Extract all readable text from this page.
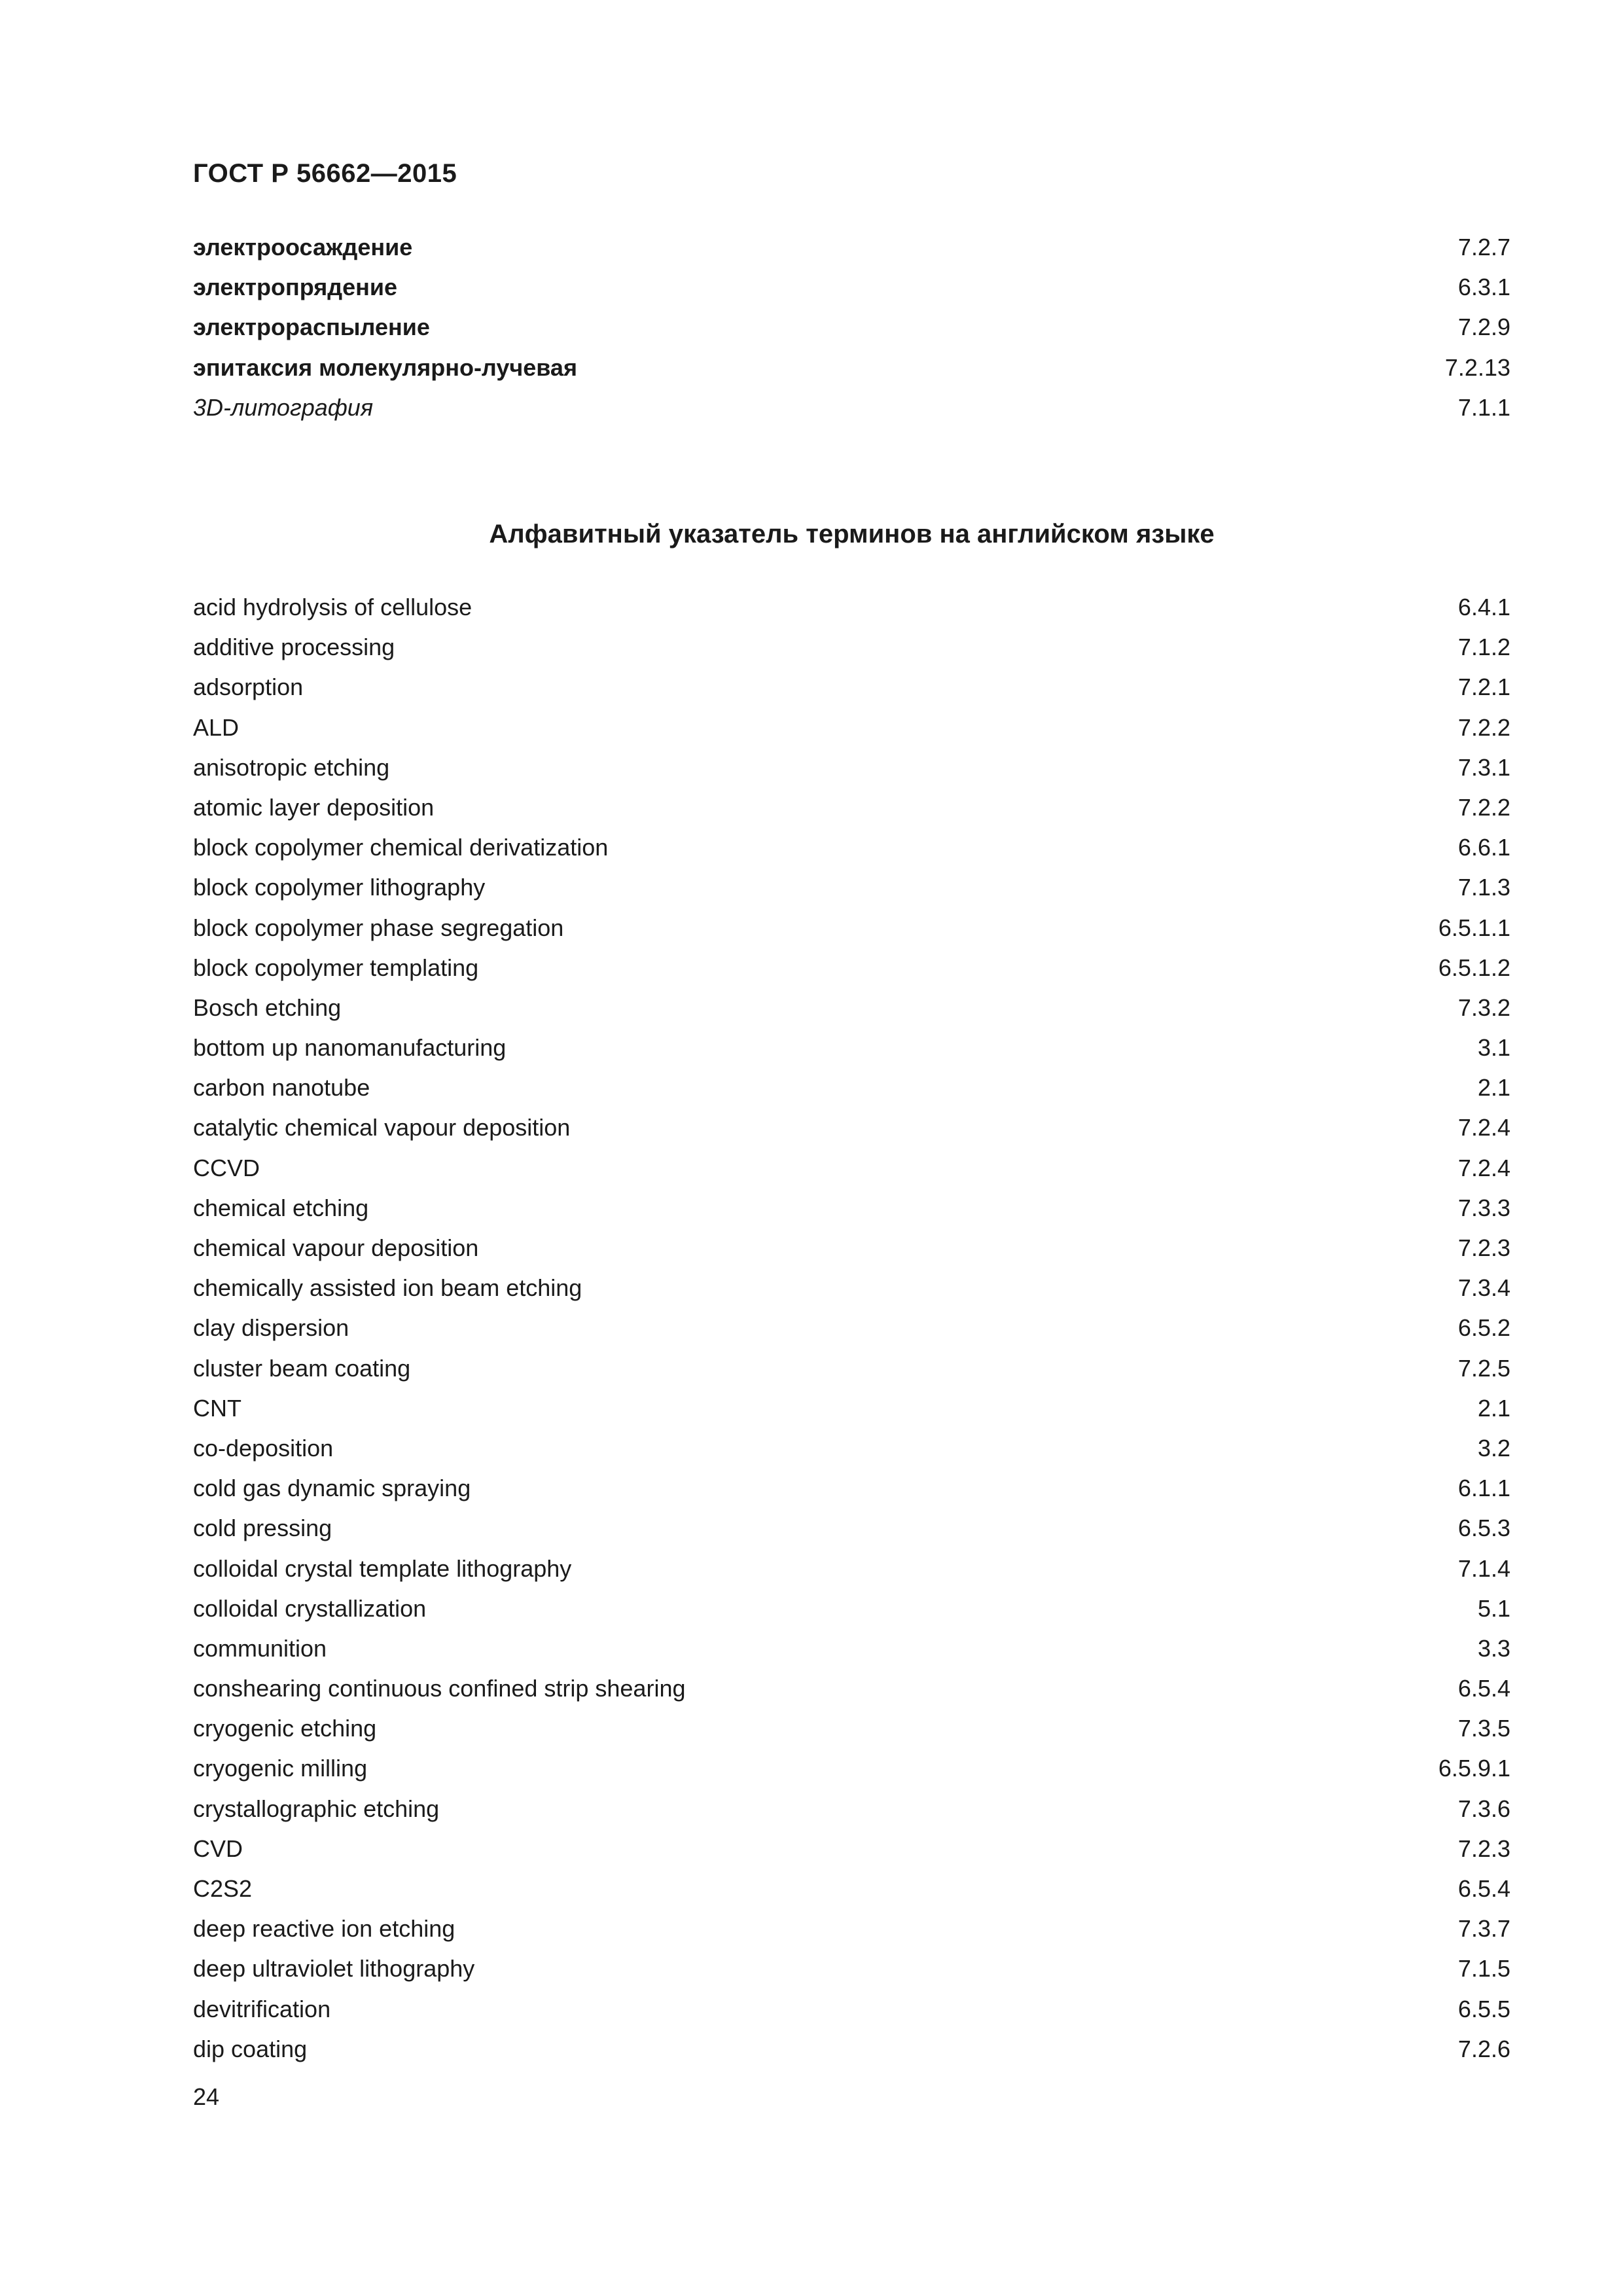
ГОСТ Р 56662—2015
электроосаждение	7.2.7
электропрядение	6.3.1
электрораспыление	7.2.9
эпитаксия молекулярно-лучевая	7.2.13
3D-литография	7.1.1
Алфавитный указатель терминов на английском языке
acid hydrolysis of cellulose	6.4.1
additive processing	7.1.2
adsorption	7.2.1
ALD	7.2.2
anisotropic etching	7.3.1
atomic layer deposition	7.2.2
block copolymer chemical derivatization	6.6.1
block copolymer lithography	7.1.3
block copolymer phase segregation	6.5.1.1
block copolymer templating	6.5.1.2
Bosch etching	7.3.2
bottom up nanomanufacturing	3.1
carbon nanotube	2.1
catalytic chemical vapour deposition	7.2.4
CCVD	7.2.4
chemical etching	7.3.3
chemical vapour deposition	7.2.3
chemically assisted ion beam etching	7.3.4
clay dispersion	6.5.2
cluster beam coating	7.2.5
CNT	2.1
co-deposition	3.2
cold gas dynamic spraying	6.1.1
cold pressing	6.5.3
colloidal crystal template lithography	7.1.4
colloidal crystallization	5.1
communition	3.3
conshearing continuous confined strip shearing	6.5.4
cryogenic etching	7.3.5
cryogenic milling	6.5.9.1
crystallographic etching	7.3.6
CVD	7.2.3
C2S2	6.5.4
deep reactive ion etching	7.3.7
deep ultraviolet lithography	7.1.5
devitrification	6.5.5
dip coating	7.2.6
24
